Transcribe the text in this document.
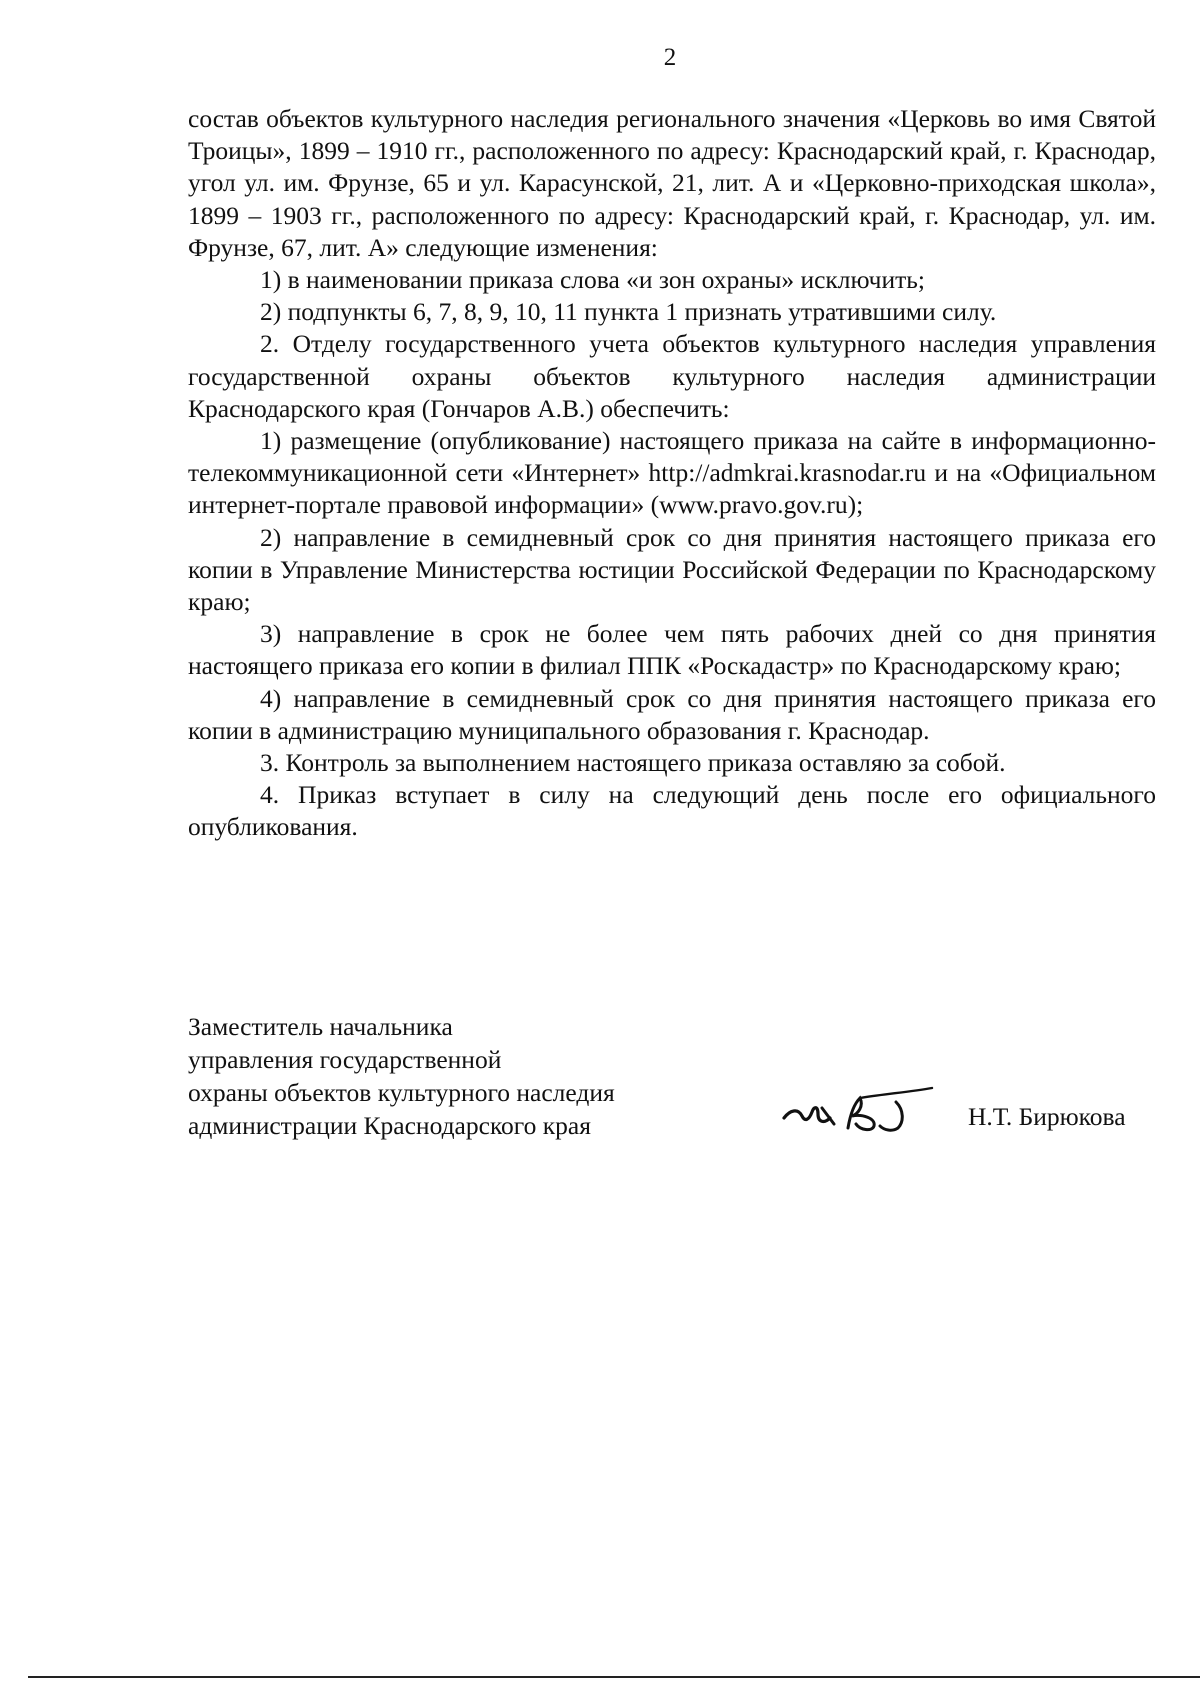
2

состав объектов культурного наследия регионального значения «Церковь во имя Святой Троицы», 1899 – 1910 гг., расположенного по адресу: Краснодарский край, г. Краснодар, угол ул. им. Фрунзе, 65 и ул. Карасунской, 21, лит. А и «Церковно-приходская школа», 1899 – 1903 гг., расположенного по адресу: Краснодарский край, г. Краснодар, ул. им. Фрунзе, 67, лит. А» следующие изменения:

1) в наименовании приказа слова «и зон охраны» исключить;

2) подпункты 6, 7, 8, 9, 10, 11 пункта 1 признать утратившими силу.

2. Отделу государственного учета объектов культурного наследия управления государственной охраны объектов культурного наследия администрации Краснодарского края (Гончаров А.В.) обеспечить:

1) размещение (опубликование) настоящего приказа на сайте в информационно-телекоммуникационной сети «Интернет» http://admkrai.krasnodar.ru и на «Официальном интернет-портале правовой информации» (www.pravo.gov.ru);

2) направление в семидневный срок со дня принятия настоящего приказа его копии в Управление Министерства юстиции Российской Федерации по Краснодарскому краю;

3) направление в срок не более чем пять рабочих дней со дня принятия настоящего приказа его копии в филиал ППК «Роскадастр» по Краснодарскому краю;

4) направление в семидневный срок со дня принятия настоящего приказа его копии в администрацию муниципального образования г. Краснодар.

3. Контроль за выполнением настоящего приказа оставляю за собой.

4. Приказ вступает в силу на следующий день после его официального опубликования.

Заместитель начальника
управления государственной
охраны объектов культурного наследия
администрации Краснодарского края	Н.Т. Бирюкова
